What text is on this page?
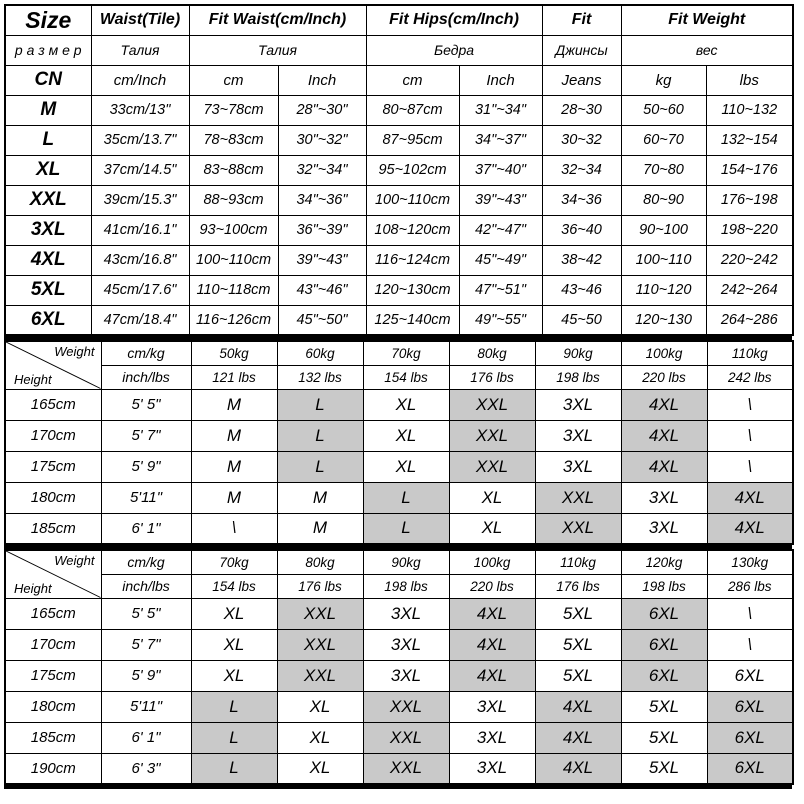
Size	Waist(Tile)	Fit Waist(cm/Inch)		Fit Hips(cm/Inch)		Fit	Fit Weight	
р а з м е р	Талия	Талия		Бедра		Джинсы	вес	
CN	cm/Inch	cm	Inch	cm	Inch	Jeans	kg	lbs
M	33cm/13"	73~78cm	28"~30"	80~87cm	31"~34"	28~30	50~60	110~132
L	35cm/13.7"	78~83cm	30"~32"	87~95cm	34"~37"	30~32	60~70	132~154
XL	37cm/14.5"	83~88cm	32"~34"	95~102cm	37"~40"	32~34	70~80	154~176
XXL	39cm/15.3"	88~93cm	34"~36"	100~110cm	39"~43"	34~36	80~90	176~198
3XL	41cm/16.1"	93~100cm	36"~39"	108~120cm	42"~47"	36~40	90~100	198~220
4XL	43cm/16.8"	100~110cm	39"~43"	116~124cm	45"~49"	38~42	100~110	220~242
5XL	45cm/17.6"	110~118cm	43"~46"	120~130cm	47"~51"	43~46	110~120	242~264
6XL	47cm/18.4"	116~126cm	45"~50"	125~140cm	49"~55"	45~50	120~130	264~286
Weight
Height	cm/kg	50kg	60kg	70kg	80kg	90kg	100kg	110kg
	inch/lbs	121 lbs	132 lbs	154 lbs	176 lbs	198 lbs	220 lbs	242 lbs
165cm	5' 5"	M	L	XL	XXL	3XL	4XL	\
170cm	5' 7"	M	L	XL	XXL	3XL	4XL	\
175cm	5' 9"	M	L	XL	XXL	3XL	4XL	\
180cm	5'11"	M	M	L	XL	XXL	3XL	4XL
185cm	6' 1"	\	M	L	XL	XXL	3XL	4XL
Weight
Height	cm/kg	70kg	80kg	90kg	100kg	110kg	120kg	130kg
	inch/lbs	154 lbs	176 lbs	198 lbs	220 lbs	176 lbs	198 lbs	286 lbs
165cm	5' 5"	XL	XXL	3XL	4XL	5XL	6XL	\
170cm	5' 7"	XL	XXL	3XL	4XL	5XL	6XL	\
175cm	5' 9"	XL	XXL	3XL	4XL	5XL	6XL	6XL
180cm	5'11"	L	XL	XXL	3XL	4XL	5XL	6XL
185cm	6' 1"	L	XL	XXL	3XL	4XL	5XL	6XL
190cm	6' 3"	L	XL	XXL	3XL	4XL	5XL	6XL
